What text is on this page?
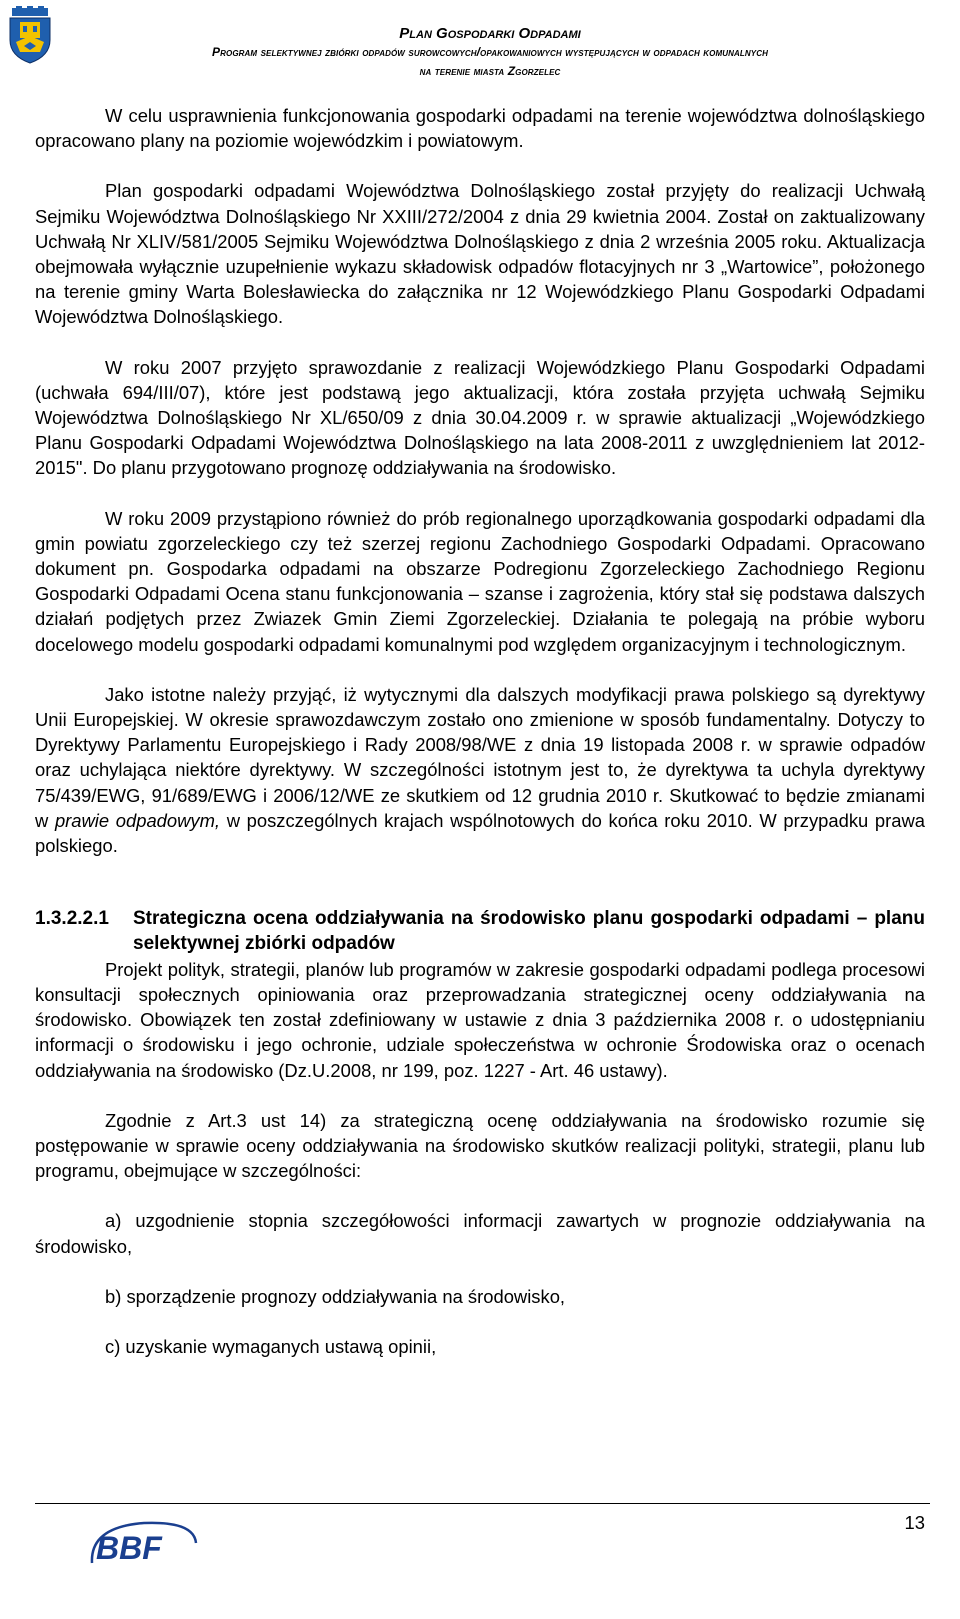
Plan Gospodarki Odpadami
Program selektywnej zbiórki odpadów surowcowych/opakowaniowych występujących w odpadach komunalnych
na terenie miasta Zgorzelec

W celu usprawnienia funkcjonowania gospodarki odpadami na terenie województwa dolnośląskiego opracowano plany na poziomie wojewódzkim i powiatowym.

Plan gospodarki odpadami Województwa Dolnośląskiego został przyjęty do realizacji Uchwałą Sejmiku Województwa Dolnośląskiego Nr XXIII/272/2004 z dnia 29 kwietnia 2004. Został on zaktualizowany Uchwałą Nr XLIV/581/2005 Sejmiku Województwa Dolnośląskiego z dnia 2 września 2005 roku. Aktualizacja obejmowała wyłącznie uzupełnienie wykazu składowisk odpadów flotacyjnych nr 3 „Wartowice”, położonego na terenie gminy Warta Bolesławiecka do załącznika nr 12 Wojewódzkiego Planu Gospodarki Odpadami Województwa Dolnośląskiego.

W roku 2007 przyjęto sprawozdanie z realizacji Wojewódzkiego Planu Gospodarki Odpadami (uchwała 694/III/07), które jest podstawą jego aktualizacji, która została przyjęta uchwałą Sejmiku Województwa Dolnośląskiego Nr XL/650/09 z dnia 30.04.2009 r. w sprawie aktualizacji „Wojewódzkiego Planu Gospodarki Odpadami Województwa Dolnośląskiego na lata 2008-2011 z uwzględnieniem lat 2012-2015". Do planu przygotowano prognozę oddziaływania na środowisko.

W roku 2009 przystąpiono również do prób regionalnego uporządkowania gospodarki odpadami dla gmin powiatu zgorzeleckiego czy też szerzej regionu Zachodniego Gospodarki Odpadami. Opracowano dokument pn. Gospodarka odpadami na obszarze Podregionu Zgorzeleckiego Zachodniego Regionu Gospodarki Odpadami Ocena stanu funkcjonowania – szanse i zagrożenia, który stał się podstawa dalszych działań podjętych przez Zwiazek Gmin Ziemi Zgorzeleckiej. Działania te polegają na próbie wyboru docelowego modelu gospodarki odpadami komunalnymi pod względem organizacyjnym i technologicznym.

Jako istotne należy przyjąć, iż wytycznymi dla dalszych modyfikacji prawa polskiego są dyrektywy Unii Europejskiej. W okresie sprawozdawczym zostało ono zmienione w sposób fundamentalny. Dotyczy to Dyrektywy Parlamentu Europejskiego i Rady 2008/98/WE z dnia 19 listopada 2008 r. w sprawie odpadów oraz uchylająca niektóre dyrektywy. W szczególności istotnym jest to, że dyrektywa ta uchyla dyrektywy 75/439/EWG, 91/689/EWG i 2006/12/WE ze skutkiem od 12 grudnia 2010 r. Skutkować to będzie zmianami w prawie odpadowym, w poszczególnych krajach wspólnotowych do końca roku 2010. W przypadku prawa polskiego.

1.3.2.2.1	Strategiczna ocena oddziaływania na środowisko planu gospodarki odpadami – planu selektywnej zbiórki odpadów

Projekt polityk, strategii, planów lub programów w zakresie gospodarki odpadami podlega procesowi konsultacji społecznych opiniowania oraz przeprowadzania strategicznej oceny oddziaływania na środowisko. Obowiązek ten został zdefiniowany w ustawie z dnia 3 października 2008 r. o udostępnianiu informacji o środowisku i jego ochronie, udziale społeczeństwa w ochronie Środowiska oraz o ocenach oddziaływania na środowisko (Dz.U.2008, nr 199, poz. 1227 - Art. 46 ustawy).

Zgodnie z Art.3 ust 14) za strategiczną ocenę oddziaływania na środowisko rozumie się postępowanie w sprawie oceny oddziaływania na środowisko skutków realizacji polityki, strategii, planu lub programu, obejmujące w szczególności:

a) uzgodnienie stopnia szczegółowości informacji zawartych w prognozie oddziaływania na środowisko,

b) sporządzenie prognozy oddziaływania na środowisko,

c) uzyskanie wymaganych ustawą opinii,

13
BBF
